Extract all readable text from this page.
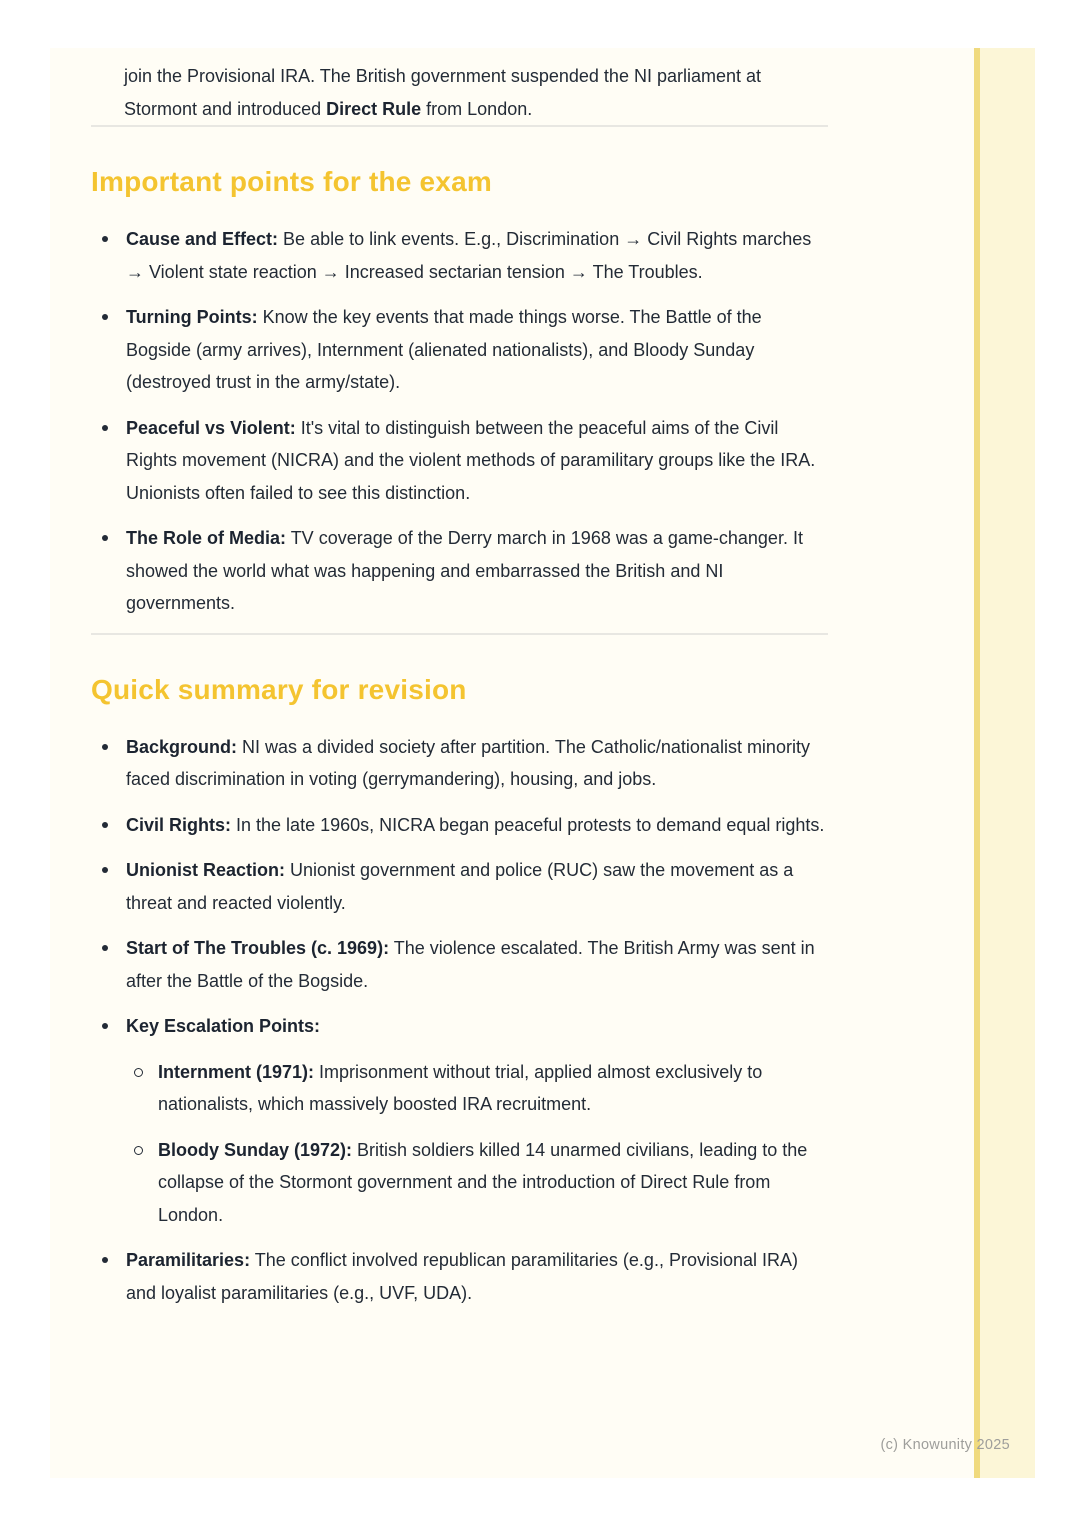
join the Provisional IRA. The British government suspended the NI parliament at Stormont and introduced Direct Rule from London.

Important points for the exam
Cause and Effect: Be able to link events. E.g., Discrimination → Civil Rights marches → Violent state reaction → Increased sectarian tension → The Troubles.
Turning Points: Know the key events that made things worse. The Battle of the Bogside (army arrives), Internment (alienated nationalists), and Bloody Sunday (destroyed trust in the army/state).
Peaceful vs Violent: It's vital to distinguish between the peaceful aims of the Civil Rights movement (NICRA) and the violent methods of paramilitary groups like the IRA. Unionists often failed to see this distinction.
The Role of Media: TV coverage of the Derry march in 1968 was a game-changer. It showed the world what was happening and embarrassed the British and NI governments.
Quick summary for revision
Background: NI was a divided society after partition. The Catholic/nationalist minority faced discrimination in voting (gerrymandering), housing, and jobs.
Civil Rights: In the late 1960s, NICRA began peaceful protests to demand equal rights.
Unionist Reaction: Unionist government and police (RUC) saw the movement as a threat and reacted violently.
Start of The Troubles (c. 1969): The violence escalated. The British Army was sent in after the Battle of the Bogside.
Key Escalation Points:
Internment (1971): Imprisonment without trial, applied almost exclusively to nationalists, which massively boosted IRA recruitment.
Bloody Sunday (1972): British soldiers killed 14 unarmed civilians, leading to the collapse of the Stormont government and the introduction of Direct Rule from London.
Paramilitaries: The conflict involved republican paramilitaries (e.g., Provisional IRA) and loyalist paramilitaries (e.g., UVF, UDA).
(c) Knowunity 2025
